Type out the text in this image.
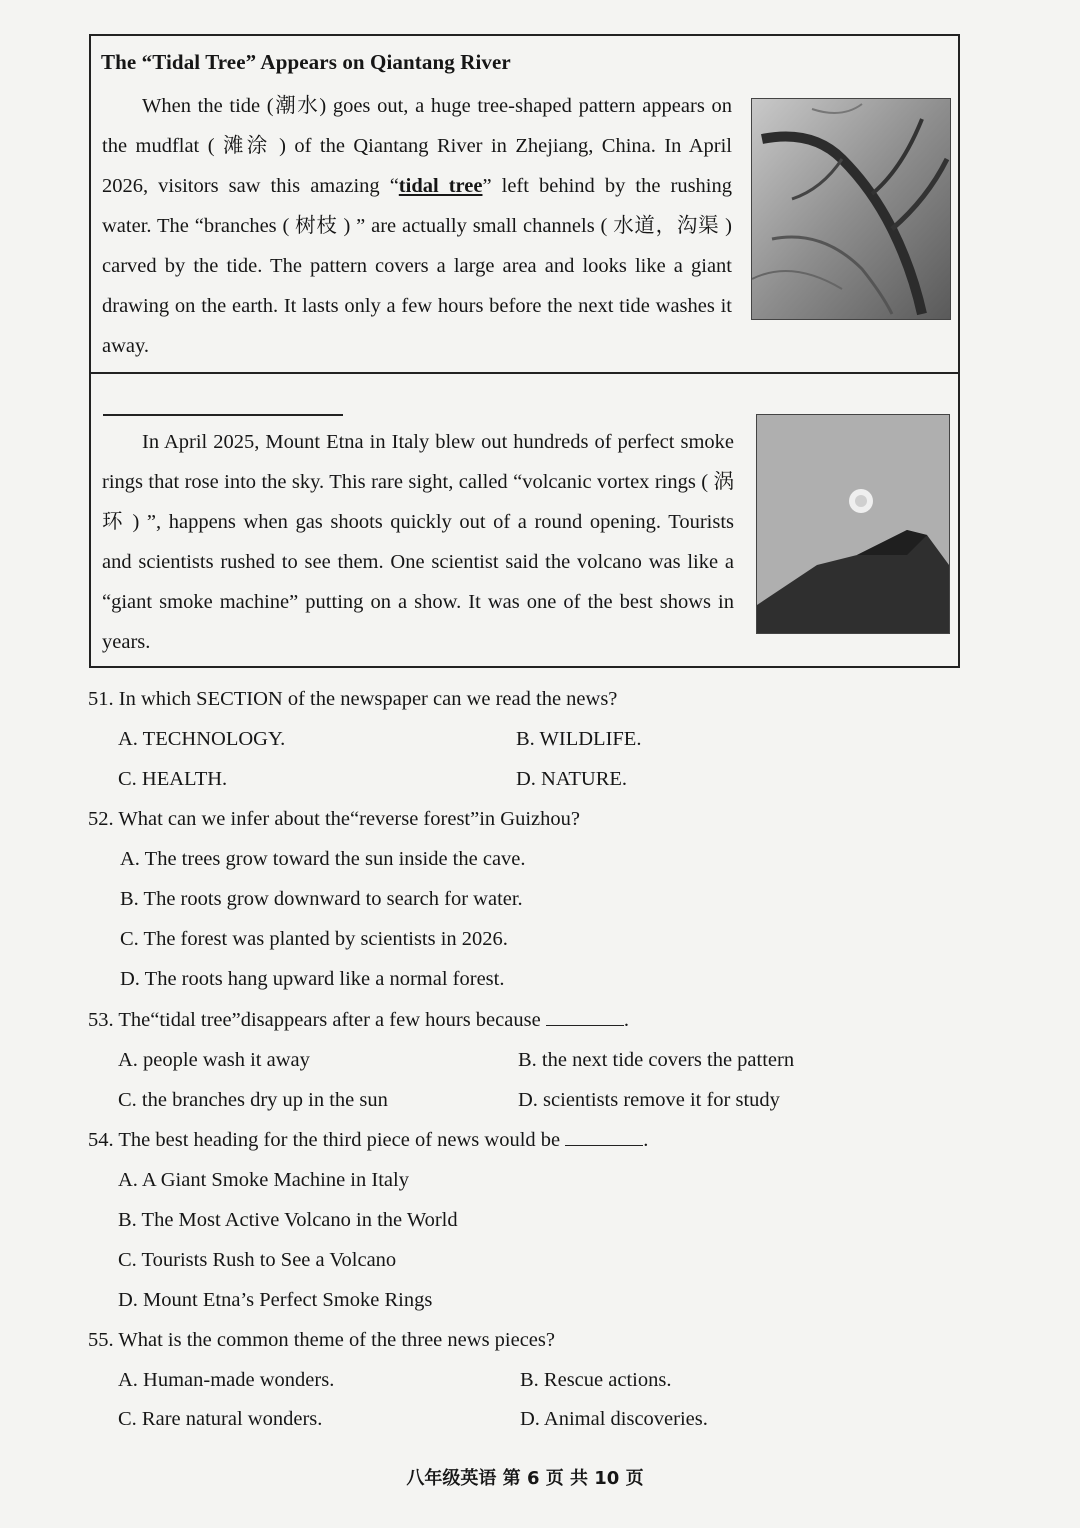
The “Tidal Tree” Appears on Qiantang River
When the tide (潮水) goes out, a huge tree-shaped pattern appears on the mudflat ( 滩涂 ) of the Qiantang River in Zhejiang, China. In April 2026, visitors saw this amazing “tidal tree” left behind by the rushing water. The “branches ( 树枝 ) ” are actually small channels ( 水道，沟渠 ) carved by the tide. The pattern covers a large area and looks like a giant drawing on the earth. It lasts only a few hours before the next tide washes it away.
In April 2025, Mount Etna in Italy blew out hundreds of perfect smoke rings that rose into the sky. This rare sight, called “volcanic vortex rings ( 涡环 ) ”, happens when gas shoots quickly out of a round opening. Tourists and scientists rushed to see them. One scientist said the volcano was like a “giant smoke machine” putting on a show. It was one of the best shows in years.
51. In which SECTION of the newspaper can we read the news?
A. TECHNOLOGY.	B. WILDLIFE.
C. HEALTH.	D. NATURE.
52. What can we infer about the“reverse forest”in Guizhou?
A. The trees grow toward the sun inside the cave.
B. The roots grow downward to search for water.
C. The forest was planted by scientists in 2026.
D. The roots hang upward like a normal forest.
53. The“tidal tree”disappears after a few hours because	.
A. people wash it away	B. the next tide covers the pattern
C. the branches dry up in the sun	D. scientists remove it for study
54. The best heading for the third piece of news would be	.
A. A Giant Smoke Machine in Italy
B. The Most Active Volcano in the World
C. Tourists Rush to See a Volcano
D. Mount Etna’s Perfect Smoke Rings
55. What is the common theme of the three news pieces?
A. Human-made wonders.	B. Rescue actions.
C. Rare natural wonders.	D. Animal discoveries.
八年级英语 第 6 页 共 10 页
